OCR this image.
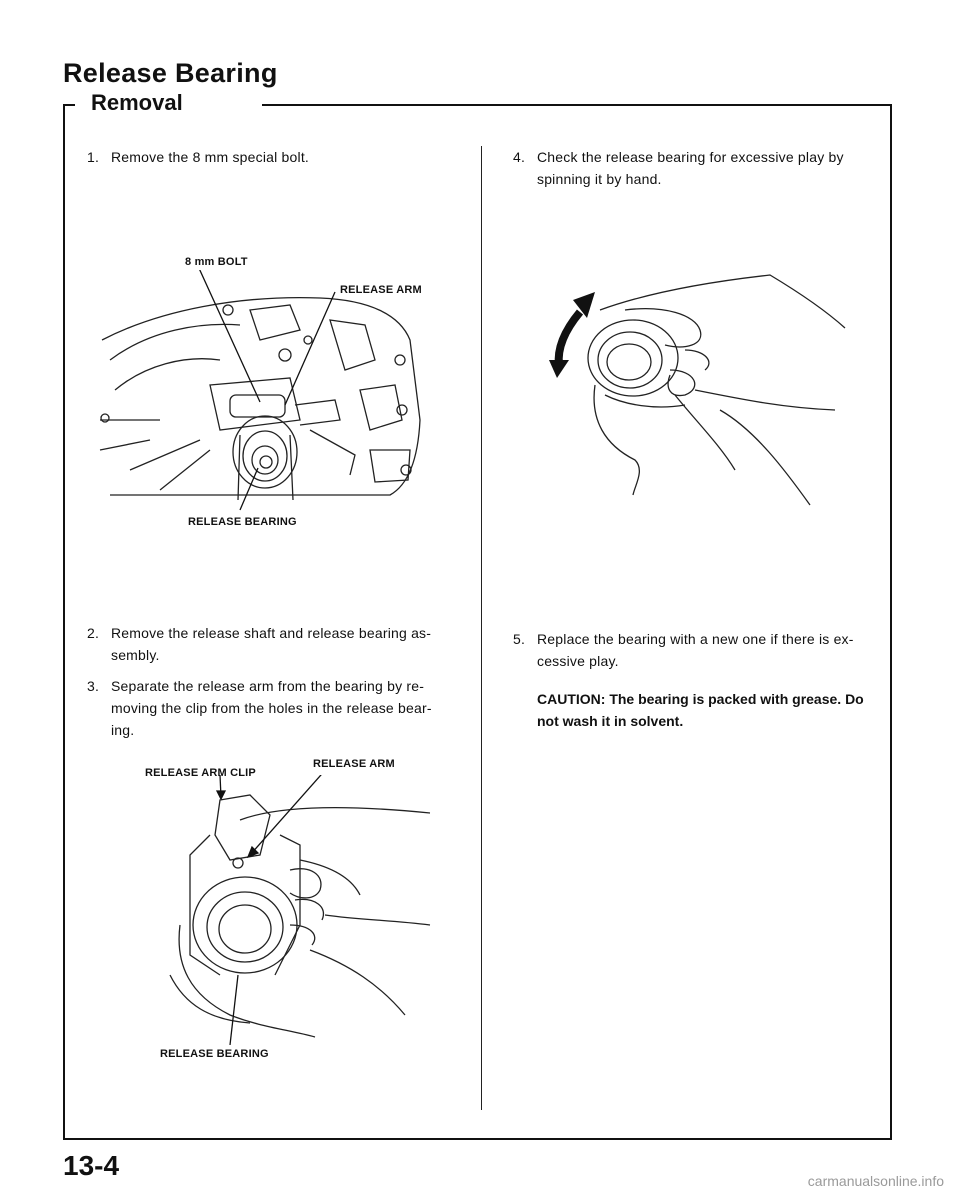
Release Bearing
Removal
1. Remove the 8 mm special bolt.
2. Remove the release shaft and release bearing as-
sembly.
3. Separate the release arm from the bearing by re-
moving the clip from the holes in the release bear-
ing.
4. Check the release bearing for excessive play by
spinning it by hand.
5. Replace the bearing with a new one if there is ex-
cessive play.
CAUTION: The bearing is packed with grease. Do
not wash it in solvent.
8 mm BOLT
RELEASE ARM
RELEASE BEARING
RELEASE ARM CLIP
RELEASE ARM
RELEASE BEARING
13-4	carmanualsonline.info
